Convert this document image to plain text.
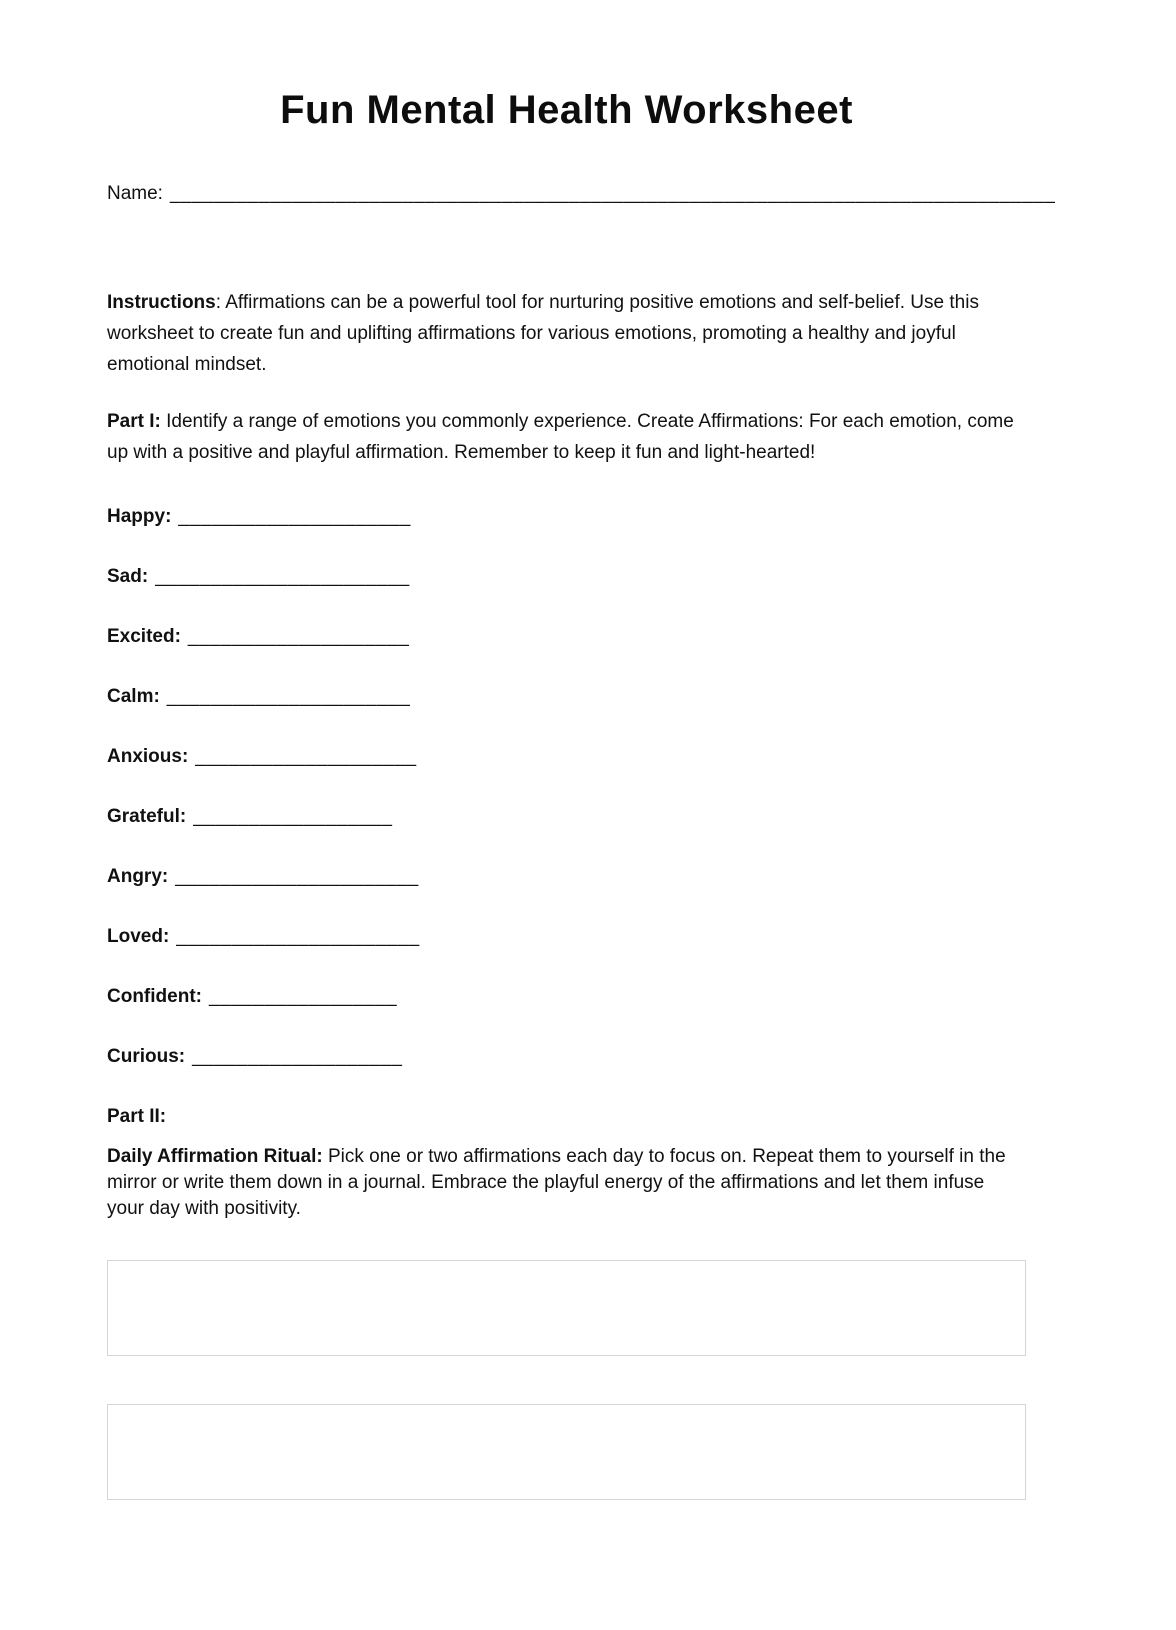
Fun Mental Health Worksheet
Name: ________________________________________________________________________________

Instructions: Affirmations can be a powerful tool for nurturing positive emotions and self-belief. Use this worksheet to create fun and uplifting affirmations for various emotions, promoting a healthy and joyful emotional mindset.

Part I: Identify a range of emotions you commonly experience. Create Affirmations: For each emotion, come up with a positive and playful affirmation. Remember to keep it fun and light-hearted!

Happy: _____________________
Sad: _______________________
Excited: ____________________
Calm: ______________________
Anxious: ____________________
Grateful: __________________
Angry: ______________________
Loved: ______________________
Confident: _________________
Curious: ___________________
Part II:

Daily Affirmation Ritual: Pick one or two affirmations each day to focus on. Repeat them to yourself in the mirror or write them down in a journal. Embrace the playful energy of the affirmations and let them infuse your day with positivity.
